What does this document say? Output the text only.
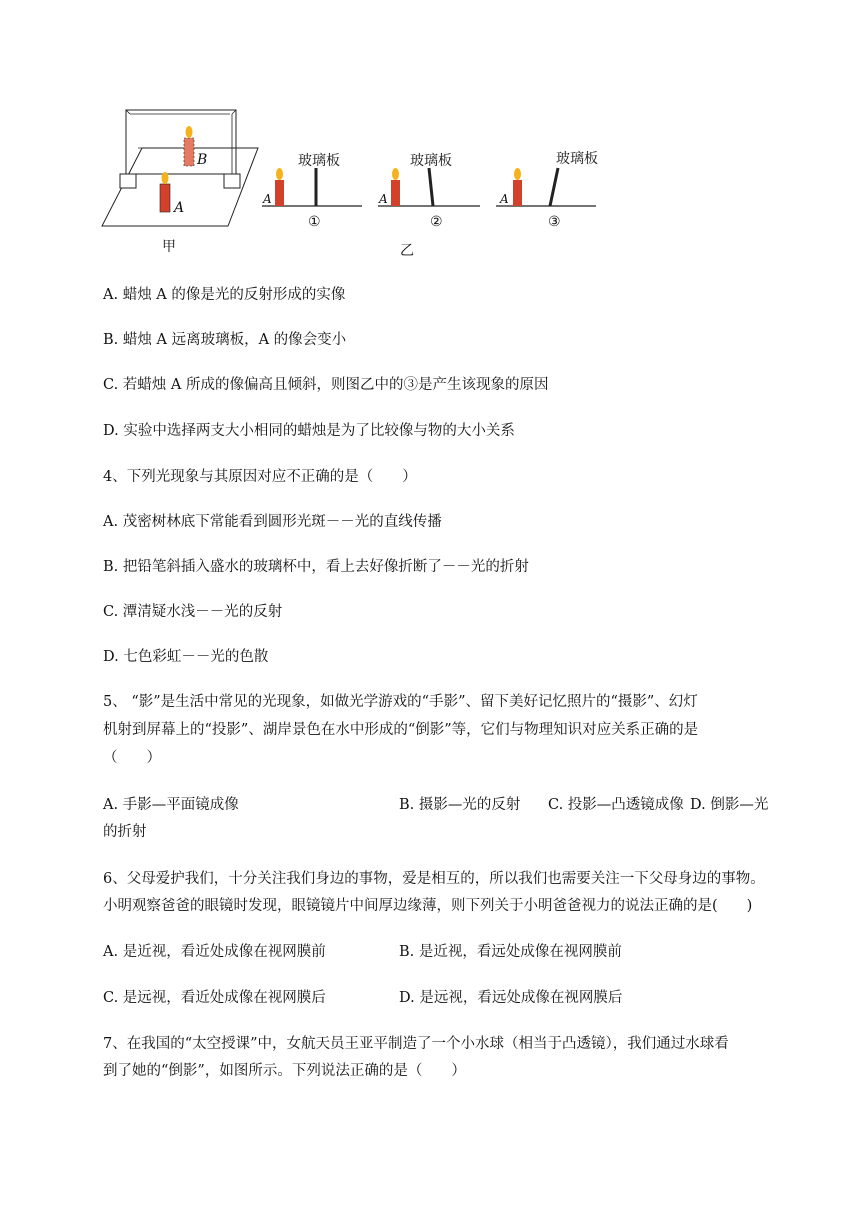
B
A
甲
玻璃板	玻璃板	玻璃板
A	A	A
①	②	③
乙
A. 蜡烛 A 的像是光的反射形成的实像
B. 蜡烛 A 远离玻璃板，A 的像会变小
C. 若蜡烛 A 所成的像偏高且倾斜，则图乙中的③是产生该现象的原因
D. 实验中选择两支大小相同的蜡烛是为了比较像与物的大小关系
4、下列光现象与其原因对应不正确的是（　　）
A. 茂密树林底下常能看到圆形光斑－－光的直线传播
B. 把铅笔斜插入盛水的玻璃杯中，看上去好像折断了－－光的折射
C. 潭清疑水浅－－光的反射
D. 七色彩虹－－光的色散
5、 “影”是生活中常见的光现象，如做光学游戏的“手影”、留下美好记忆照片的“摄影”、幻灯
机射到屏幕上的“投影”、湖岸景色在水中形成的“倒影”等，它们与物理知识对应关系正确的是
（　　）
A. 手影—平面镜成像	B. 摄影—光的反射 C. 投影—凸透镜成像 D. 倒影—光
的折射
6、父母爱护我们，十分关注我们身边的事物，爱是相互的，所以我们也需要关注一下父母身边的事物。
小明观察爸爸的眼镜时发现，眼镜镜片中间厚边缘薄，则下列关于小明爸爸视力的说法正确的是(　　)
A. 是近视，看近处成像在视网膜前	B. 是近视，看远处成像在视网膜前
C. 是远视，看近处成像在视网膜后	D. 是远视，看远处成像在视网膜后
7、在我国的“太空授课”中，女航天员王亚平制造了一个小水球（相当于凸透镜），我们通过水球看
到了她的“倒影”，如图所示。下列说法正确的是（　　）
